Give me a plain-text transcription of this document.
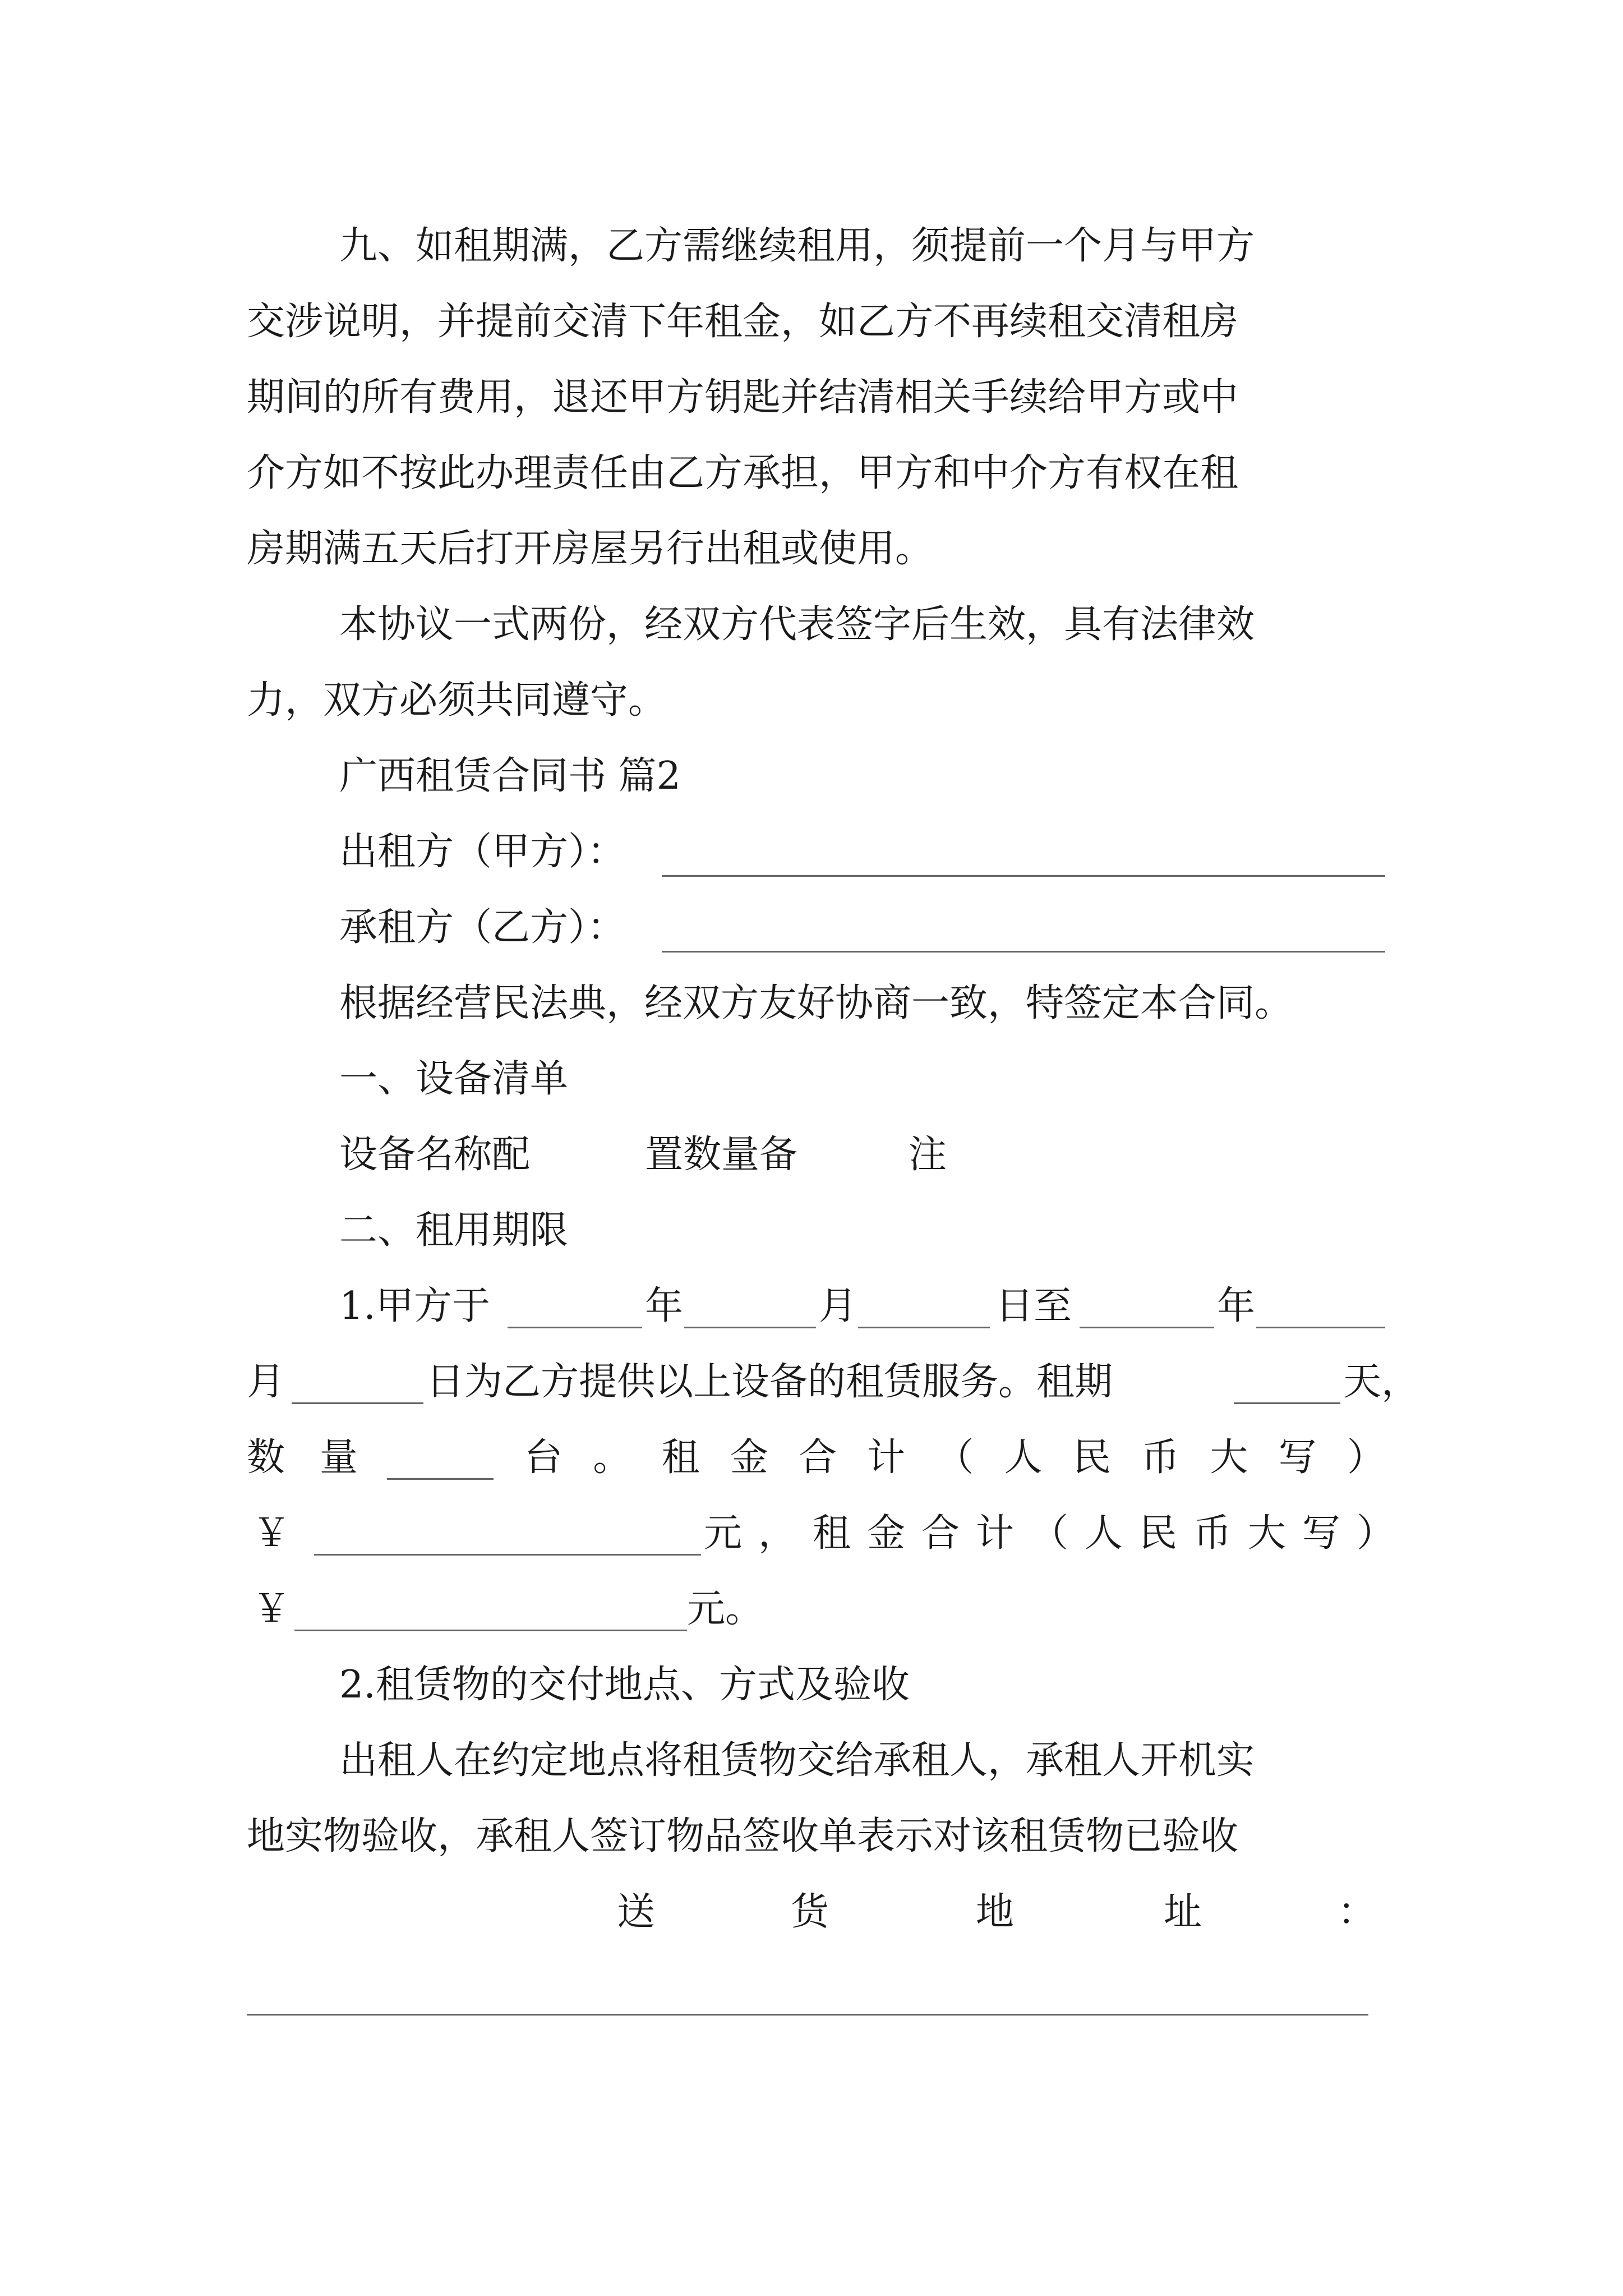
九、如租期满，乙方需继续租用，须提前一个月与甲方
交涉说明，并提前交清下年租金，如乙方不再续租交清租房
期间的所有费用，退还甲方钥匙并结清相关手续给甲方或中
介方如不按此办理责任由乙方承担，甲方和中介方有权在租
房期满五天后打开房屋另行出租或使用。
本协议一式两份，经双方代表签字后生效，具有法律效
力，双方必须共同遵守。
广西租赁合同书 篇2
出租方（甲方）：
承租方（乙方）：
根据经营民法典，经双方友好协商一致，特签定本合同。
一、设备清单
设备名称配	置数量备	注
二、租用期限
1.甲方于	年	月	日至	年
月	日为乙方提供以上设备的租赁服务。租期	天，
数 量	台 。 租 金 合 计 （ 人 民 币 大 写 ）
￥	元，租金合计（人民币大写）
￥	元。
2.租赁物的交付地点、方式及验收
出租人在约定地点将租赁物交给承租人，承租人开机实
地实物验收，承租人签订物品签收单表示对该租赁物已验收
送	货	地	址	：
